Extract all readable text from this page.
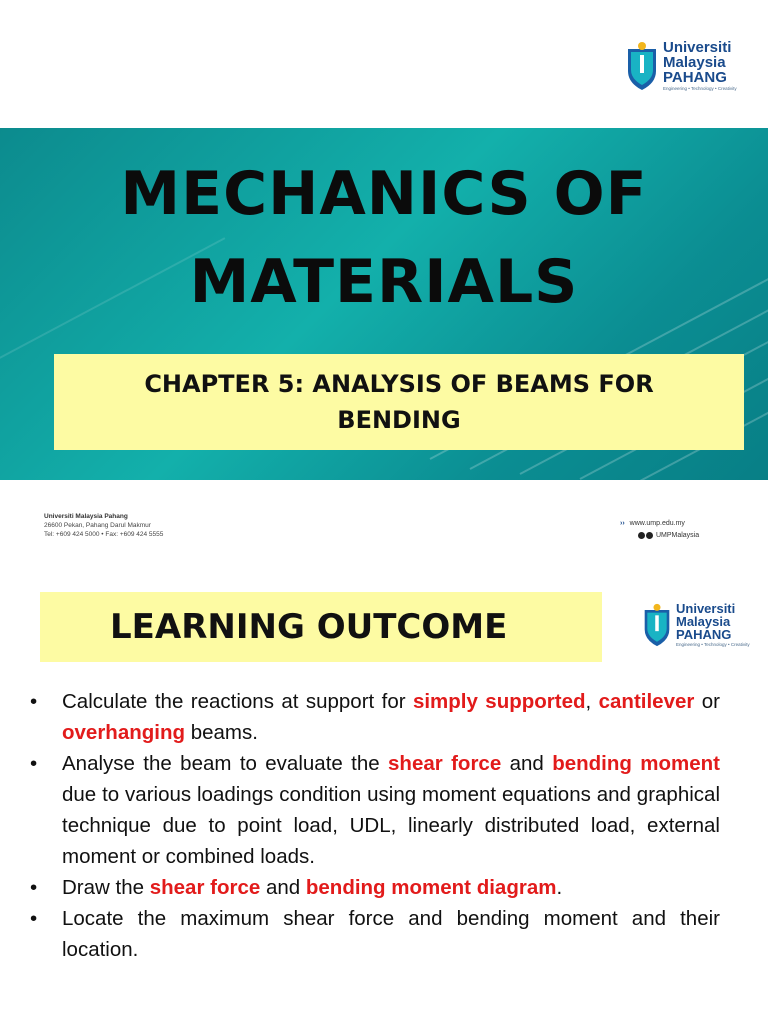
Universiti
Malaysia
PAHANG
Engineering • Technology • Creativity
MECHANICS OF
MATERIALS
CHAPTER 5: ANALYSIS OF BEAMS FOR
BENDING
Universiti Malaysia Pahang
26600 Pekan, Pahang Darul Makmur
Tel: +609 424 5000 • Fax: +609 424 5555
›› www.ump.edu.my
UMPMalaysia
LEARNING OUTCOME	Universiti
Malaysia
PAHANG
Engineering • Technology • Creativity
• Calculate the reactions at support for simply supported, cantilever or overhanging beams.
• Analyse the beam to evaluate the shear force and bending moment due to various loadings condition using moment equations and graphical technique due to point load, UDL, linearly distributed load, external moment or combined loads.
• Draw the shear force and bending moment diagram.
• Locate the maximum shear force and bending moment and their location.
